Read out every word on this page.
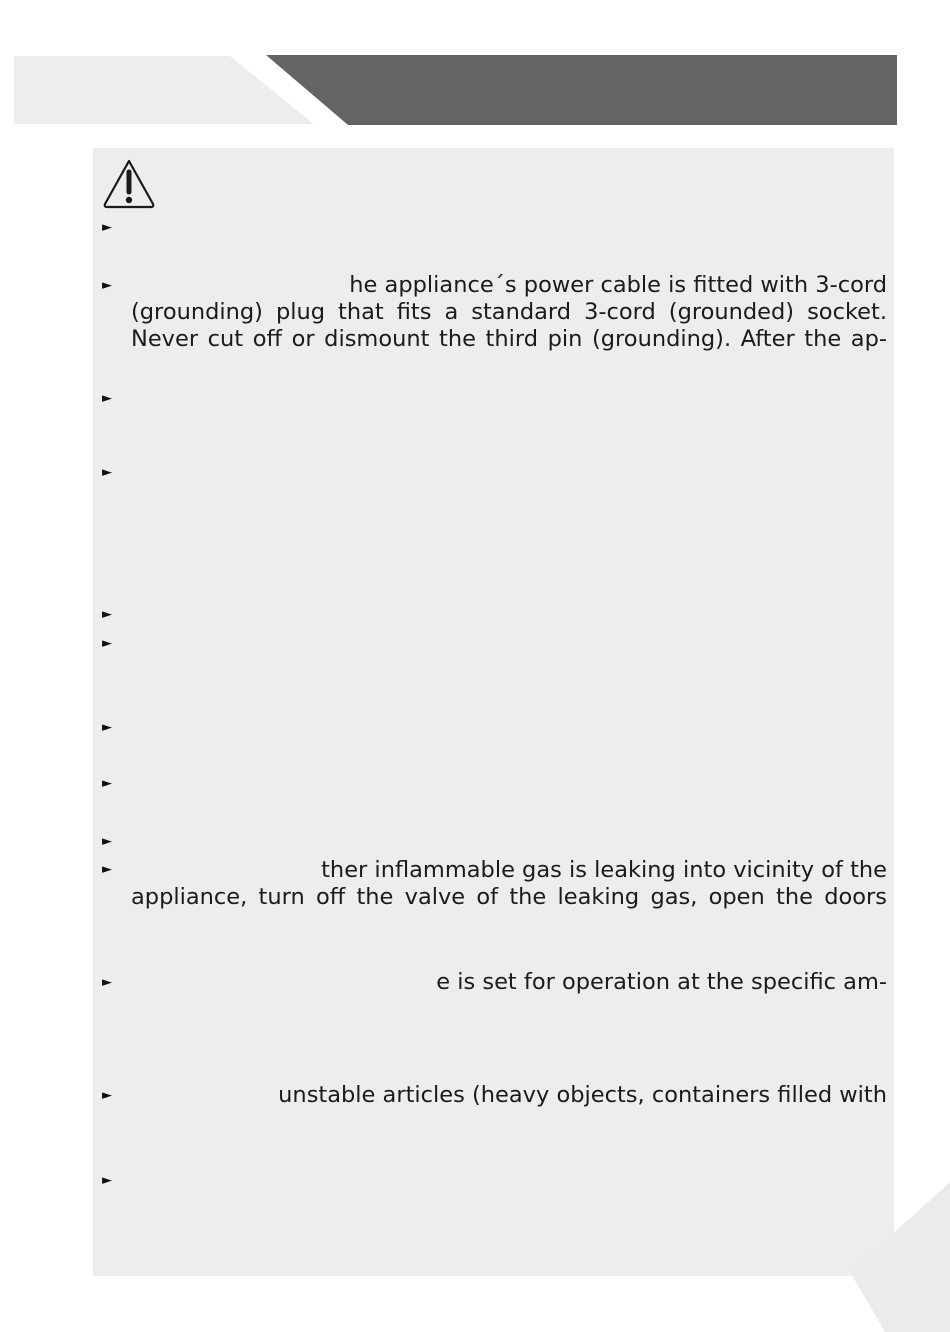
►
►	he appliance´s power cable is fitted with 3-cord
(grounding) plug that fits a standard 3-cord (grounded) socket.
Never cut off or dismount the third pin (grounding). After the ap-
►
►
►
►
►
►
►
►	ther inflammable gas is leaking into vicinity of the
appliance, turn off the valve of the leaking gas, open the doors
►	e is set for operation at the specific am-
►	unstable articles (heavy objects, containers filled with
►
